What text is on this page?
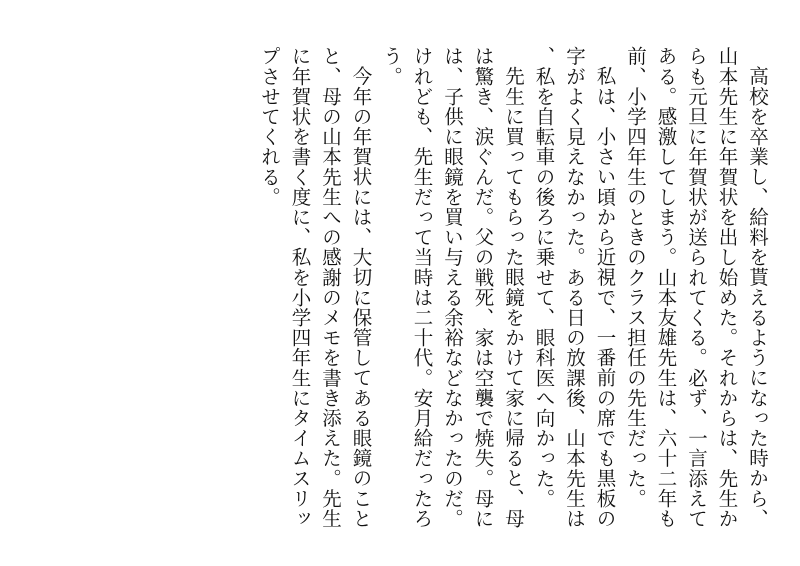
高校を卒業し、給料を貰えるようになった時から、山本先生に年賀状を出し始めた。それからは、先生からも元旦に年賀状が送られてくる。必ず、一言添えてある。感激してしまう。山本友雄先生は、六十二年も前、小学四年生のときのクラス担任の先生だった。

私は、小さい頃から近視で、一番前の席でも黒板の字がよく見えなかった。ある日の放課後、山本先生は、私を自転車の後ろに乗せて、眼科医へ向かった。

先生に買ってもらった眼鏡をかけて家に帰ると、母は驚き、涙ぐんだ。父の戦死、家は空襲で焼失。母には、子供に眼鏡を買い与える余裕などなかったのだ。けれども、先生だって当時は二十代。安月給だったろう。

今年の年賀状には、大切に保管してある眼鏡のことと、母の山本先生への感謝のメモを書き添えた。先生に年賀状を書く度に、私を小学四年生にタイムスリップさせてくれる。
